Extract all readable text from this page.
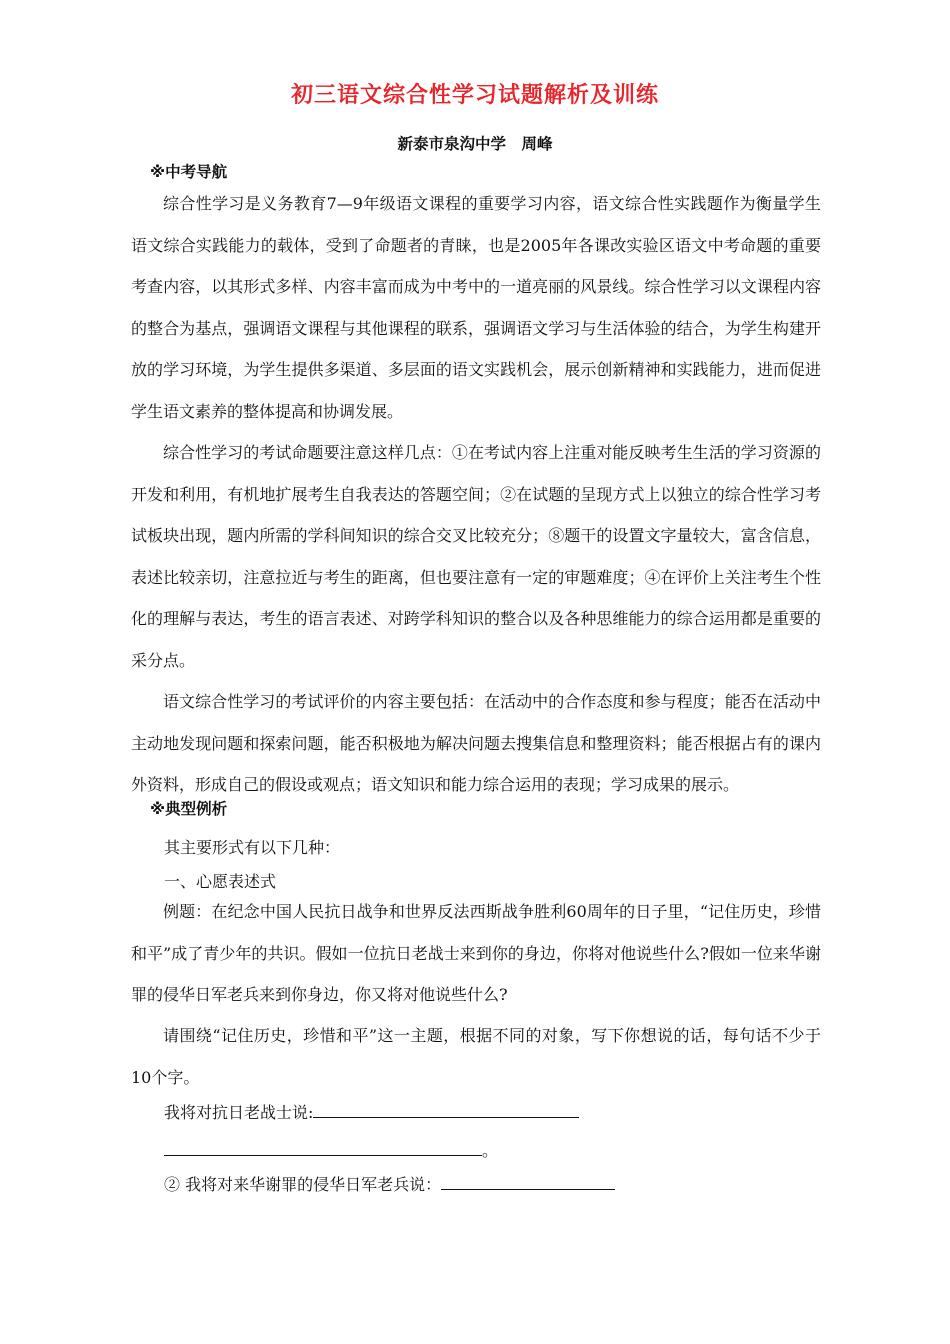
初三语文综合性学习试题解析及训练
新泰市泉沟中学　周峰
※中考导航

综合性学习是义务教育7—9年级语文课程的重要学习内容，语文综合性实践题作为衡量学生语文综合实践能力的载体，受到了命题者的青睐，也是2005年各课改实验区语文中考命题的重要考查内容，以其形式多样、内容丰富而成为中考中的一道亮丽的风景线。综合性学习以文课程内容的整合为基点，强调语文课程与其他课程的联系，强调语文学习与生活体验的结合，为学生构建开放的学习环境，为学生提供多渠道、多层面的语文实践机会，展示创新精神和实践能力，进而促进学生语文素养的整体提高和协调发展。

综合性学习的考试命题要注意这样几点：①在考试内容上注重对能反映考生生活的学习资源的开发和利用，有机地扩展考生自我表达的答题空间；②在试题的呈现方式上以独立的综合性学习考试板块出现，题内所需的学科间知识的综合交叉比较充分；⑧题干的设置文字量较大，富含信息，表述比较亲切，注意拉近与考生的距离，但也要注意有一定的审题难度；④在评价上关注考生个性化的理解与表达，考生的语言表述、对跨学科知识的整合以及各种思维能力的综合运用都是重要的采分点。

语文综合性学习的考试评价的内容主要包括：在活动中的合作态度和参与程度；能否在活动中主动地发现问题和探索问题，能否积极地为解决问题去搜集信息和整理资料；能否根据占有的课内外资料，形成自己的假设或观点；语文知识和能力综合运用的表现；学习成果的展示。

※典型例析
其主要形式有以下几种：
一、心愿表述式

例题：在纪念中国人民抗日战争和世界反法西斯战争胜利60周年的日子里，“记住历史，珍惜和平”成了青少年的共识。假如一位抗日老战士来到你的身边，你将对他说些什么?假如一位来华谢罪的侵华日军老兵来到你身边，你又将对他说些什么?

请围绕“记住历史，珍惜和平”这一主题，根据不同的对象，写下你想说的话，每句话不少于10个字。

我将对抗日老战士说:
。
② 我将对来华谢罪的侵华日军老兵说：
